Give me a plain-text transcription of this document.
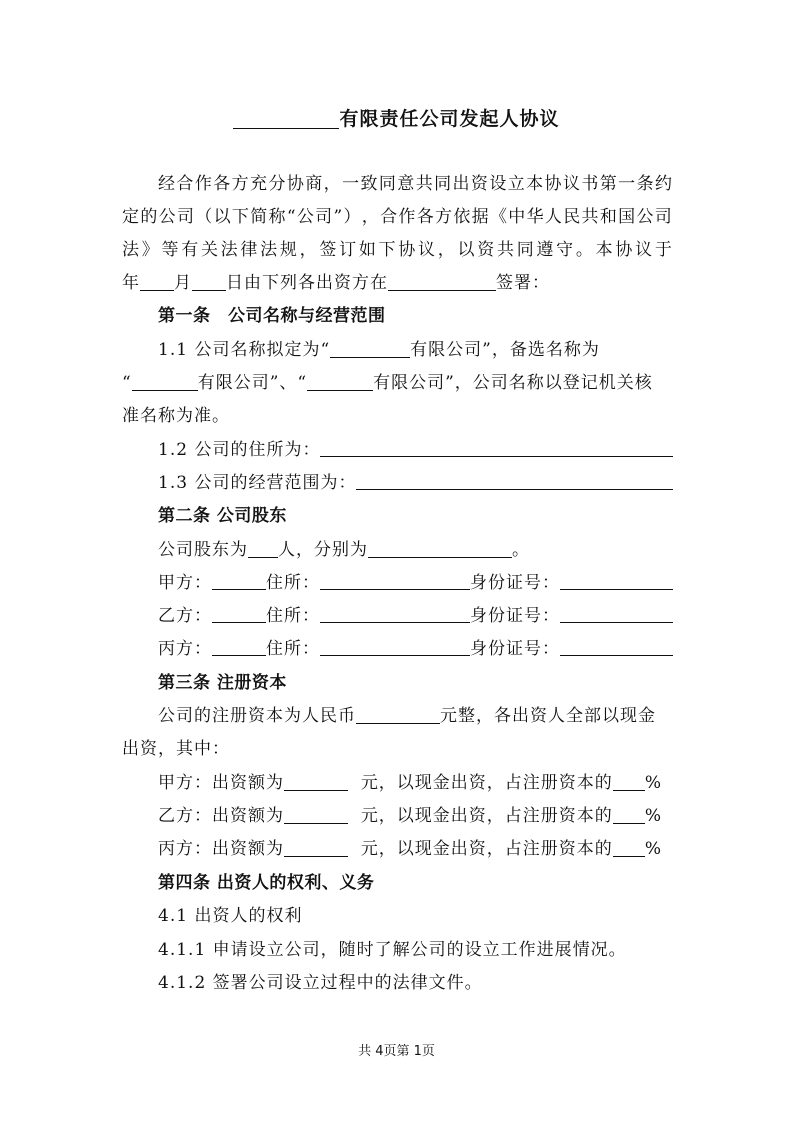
有限责任公司发起人协议
经 合 作 各 方 充 分 协 商 ， 一 致 同 意 共 同 出 资 设 立 本 协 议 书 第 一 条 约
定 的 公 司 （ 以 下 简 称 “ 公 司 ” ） ， 合 作 各 方 依 据 《 中 华 人 民 共 和 国 公 司
法 》 等 有 关 法 律 法 规 ， 签 订 如 下 协 议 ， 以 资 共 同 遵 守 。 本 协 议 于
年 月 日由下列各出资方在	签署：
第一条　公司名称与经营范围
1.1 公司名称拟定为“	有限公司”，备选名称为
“	有限公司”、“	有限公司”，公司名称以登记机关核
准名称为准。
1.2 公司的住所为：
1.3 公司的经营范围为：
第二条 公司股东
公司股东为 人，分别为	。
甲方：	住所：	身份证号：
乙方：	住所：	身份证号：
丙方：	住所：	身份证号：
第三条 注册资本
公司的注册资本为人民币	元整，各出资人全部以现金
出资，其中：
甲方：出资额为	元，以现金出资，占注册资本的 %
乙方：出资额为	元，以现金出资，占注册资本的 %
丙方：出资额为	元，以现金出资，占注册资本的 %
第四条 出资人的权利、义务
4.1 出资人的权利
4.1.1 申请设立公司，随时了解公司的设立工作进展情况。
4.1.2 签署公司设立过程中的法律文件。
共 4页第 1页
